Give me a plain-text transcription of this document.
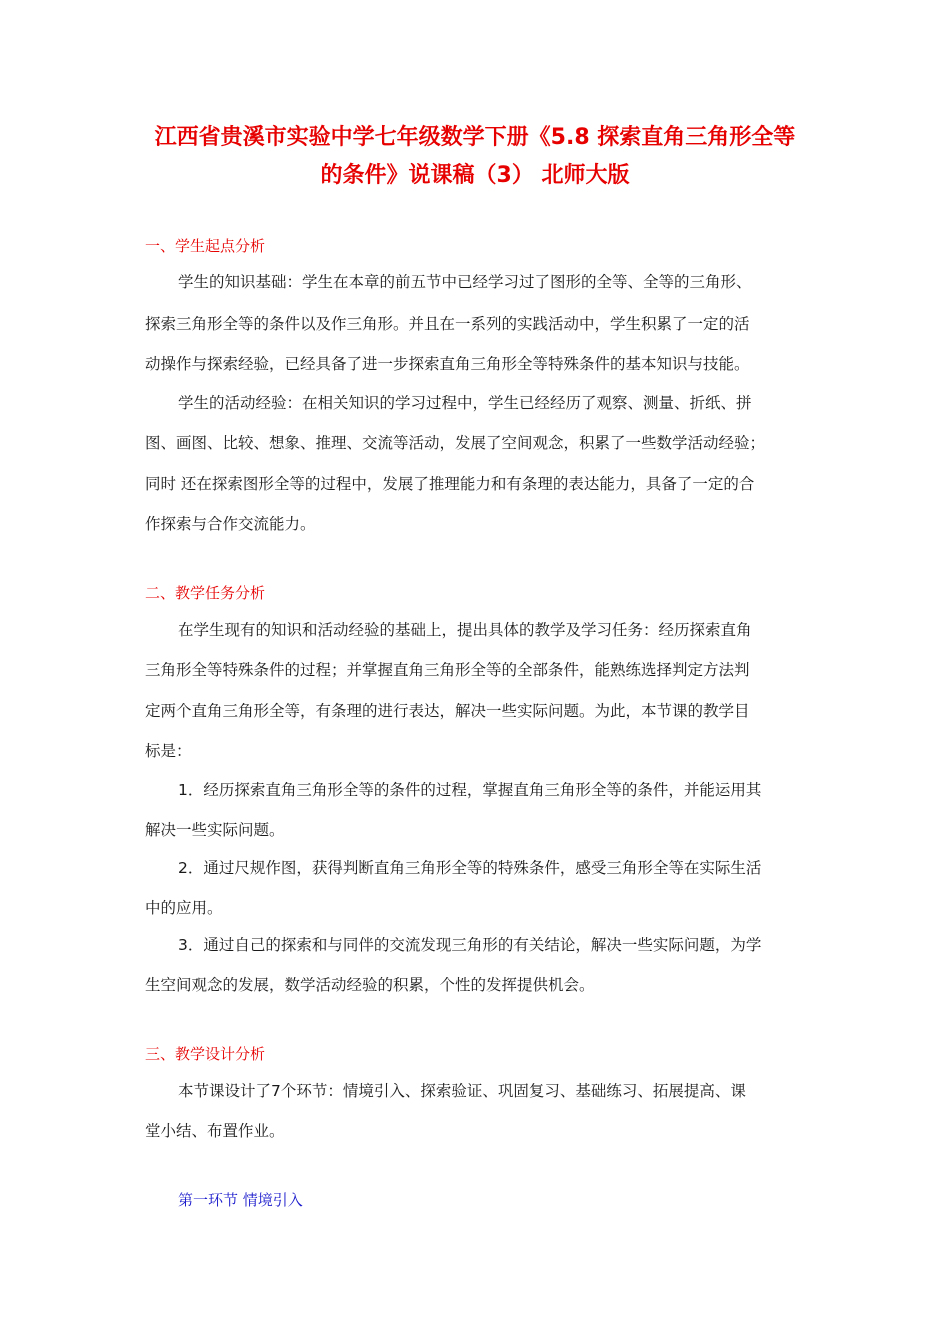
江西省贵溪市实验中学七年级数学下册《5.8 探索直角三角形全等
的条件》说课稿（3） 北师大版
一、学生起点分析
学生的知识基础：学生在本章的前五节中已经学习过了图形的全等、全等的三角形、
探索三角形全等的条件以及作三角形。并且在一系列的实践活动中，学生积累了一定的活
动操作与探索经验，已经具备了进一步探索直角三角形全等特殊条件的基本知识与技能。
学生的活动经验：在相关知识的学习过程中，学生已经经历了观察、测量、折纸、拼
图、画图、比较、想象、推理、交流等活动，发展了空间观念，积累了一些数学活动经验；
同时 还在探索图形全等的过程中，发展了推理能力和有条理的表达能力，具备了一定的合
作探索与合作交流能力。
二、教学任务分析
在学生现有的知识和活动经验的基础上，提出具体的教学及学习任务：经历探索直角
三角形全等特殊条件的过程；并掌握直角三角形全等的全部条件，能熟练选择判定方法判
定两个直角三角形全等，有条理的进行表达，解决一些实际问题。为此，本节课的教学目
标是：
1．经历探索直角三角形全等的条件的过程，掌握直角三角形全等的条件，并能运用其
解决一些实际问题。
2．通过尺规作图，获得判断直角三角形全等的特殊条件，感受三角形全等在实际生活
中的应用。
3．通过自己的探索和与同伴的交流发现三角形的有关结论，解决一些实际问题，为学
生空间观念的发展，数学活动经验的积累，个性的发挥提供机会。
三、教学设计分析
本节课设计了7个环节：情境引入、探索验证、巩固复习、基础练习、拓展提高、课
堂小结、布置作业。
第一环节 情境引入
